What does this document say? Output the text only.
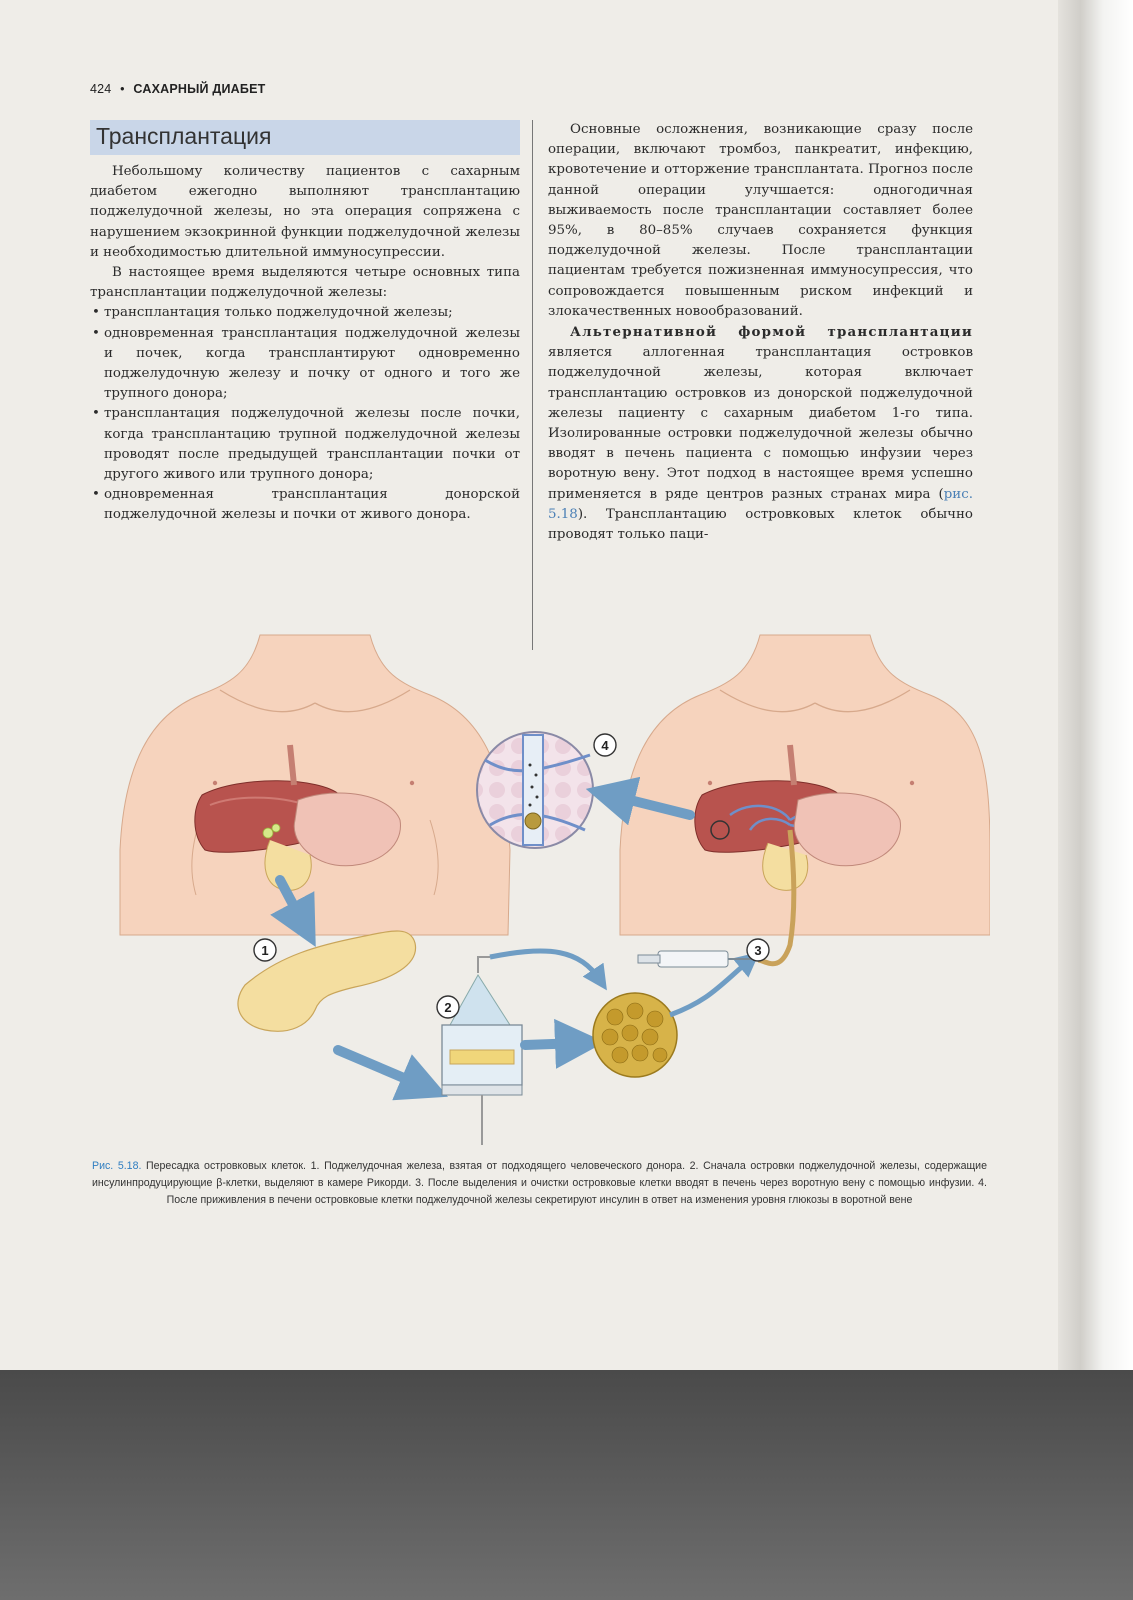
424 • САХАРНЫЙ ДИАБЕТ
Трансплантация

Небольшому количеству пациентов с сахарным диабетом ежегодно выполняют трансплантацию поджелудочной железы, но эта операция сопряжена с нарушением экзокринной функции поджелудочной железы и необходимостью длительной иммуносупрессии.

В настоящее время выделяются четыре основных типа трансплантации поджелудочной железы:

• трансплантация только поджелудочной железы;
• одновременная трансплантация поджелудочной железы и почек, когда трансплантируют одновременно поджелудочную железу и почку от одного и того же трупного донора;
• трансплантация поджелудочной железы после почки, когда трансплантацию трупной поджелудочной железы проводят после предыдущей трансплантации почки от другого живого или трупного донора;
• одновременная трансплантация донорской поджелудочной железы и почки от живого донора.

Основные осложнения, возникающие сразу после операции, включают тромбоз, панкреатит, инфекцию, кровотечение и отторжение трансплантата. Прогноз после данной операции улучшается: одногодичная выживаемость после трансплантации составляет более 95%, в 80–85% случаев сохраняется функция поджелудочной железы. После трансплантации пациентам требуется пожизненная иммуносупрессия, что сопровождается повышенным риском инфекций и злокачественных новообразований.

Альтернативной формой трансплантации является аллогенная трансплантация островков поджелудочной железы, которая включает трансплантацию островков из донорской поджелудочной железы пациенту с сахарным диабетом 1-го типа. Изолированные островки поджелудочной железы обычно вводят в печень пациента с помощью инфузии через воротную вену. Этот подход в настоящее время успешно применяется в ряде центров разных странах мира (рис. 5.18). Трансплантацию островковых клеток обычно проводят только паци-

1
2
3
4
Рис. 5.18. Пересадка островковых клеток. 1. Поджелудочная железа, взятая от подходящего человеческого донора. 2. Сначала островки поджелудочной железы, содержащие инсулинпродуцирующие β-клетки, выделяют в камере Рикорди. 3. После выделения и очистки островковые клетки вводят в печень через воротную вену с помощью инфузии. 4. После приживления в печени островковые клетки поджелудочной железы секретируют инсулин в ответ на изменения уровня глюкозы в воротной вене
